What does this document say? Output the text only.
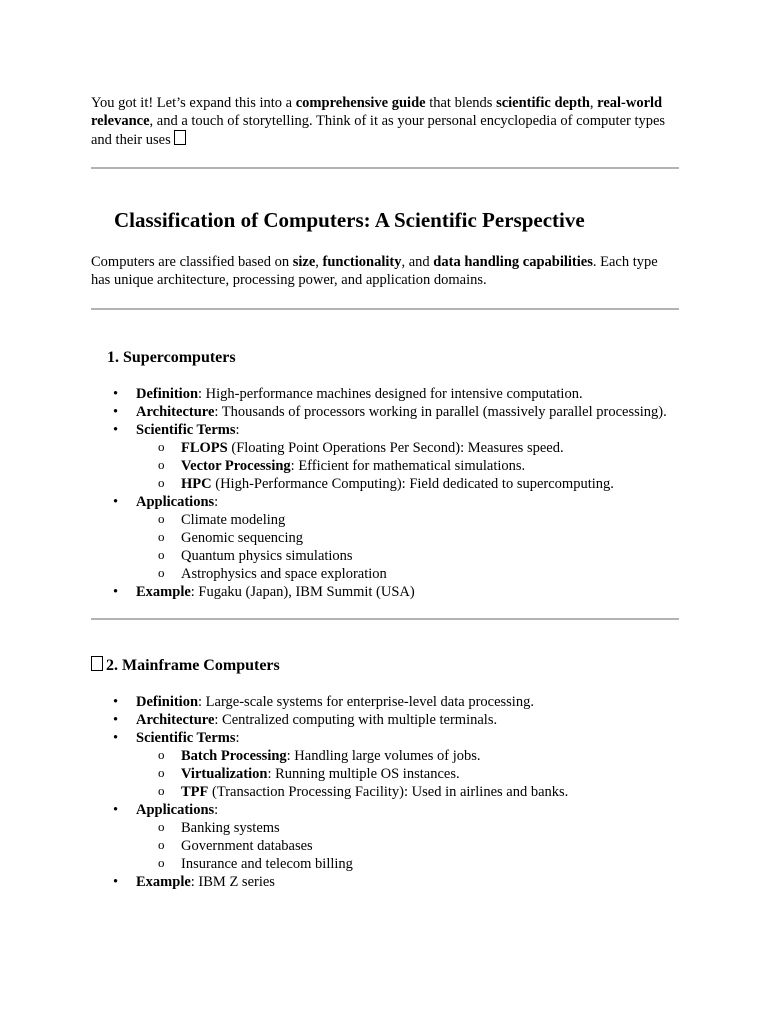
You got it! Let’s expand this into a comprehensive guide that blends scientific depth, real-world relevance, and a touch of storytelling. Think of it as your personal encyclopedia of computer types and their uses

Classification of Computers: A Scientific Perspective

Computers are classified based on size, functionality, and data handling capabilities. Each type has unique architecture, processing power, and application domains.

1. Supercomputers
• Definition: High-performance machines designed for intensive computation.
• Architecture: Thousands of processors working in parallel (massively parallel processing).
• Scientific Terms:
o FLOPS (Floating Point Operations Per Second): Measures speed.
o Vector Processing: Efficient for mathematical simulations.
o HPC (High-Performance Computing): Field dedicated to supercomputing.
• Applications:
o Climate modeling
o Genomic sequencing
o Quantum physics simulations
o Astrophysics and space exploration
• Example: Fugaku (Japan), IBM Summit (USA)
2. Mainframe Computers
• Definition: Large-scale systems for enterprise-level data processing.
• Architecture: Centralized computing with multiple terminals.
• Scientific Terms:
o Batch Processing: Handling large volumes of jobs.
o Virtualization: Running multiple OS instances.
o TPF (Transaction Processing Facility): Used in airlines and banks.
• Applications:
o Banking systems
o Government databases
o Insurance and telecom billing
• Example: IBM Z series
